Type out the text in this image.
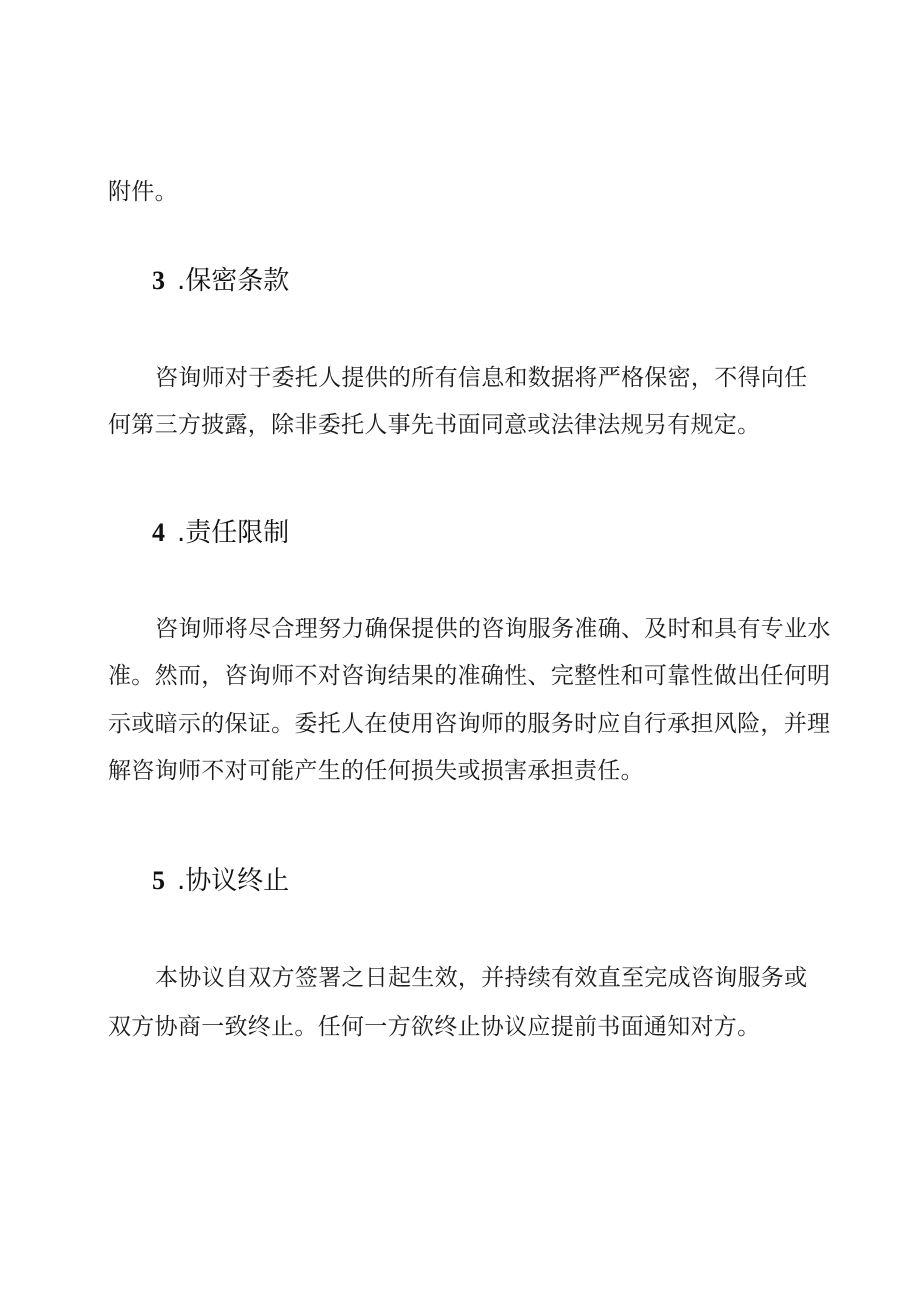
附件。
3 .保密条款
咨询师对于委托人提供的所有信息和数据将严格保密，不得向任
何第三方披露，除非委托人事先书面同意或法律法规另有规定。
4 .责任限制
咨询师将尽合理努力确保提供的咨询服务准确、及时和具有专业水
准。然而，咨询师不对咨询结果的准确性、完整性和可靠性做出任何明
示或暗示的保证。委托人在使用咨询师的服务时应自行承担风险，并理
解咨询师不对可能产生的任何损失或损害承担责任。
5 .协议终止
本协议自双方签署之日起生效，并持续有效直至完成咨询服务或
双方协商一致终止。任何一方欲终止协议应提前书面通知对方。
